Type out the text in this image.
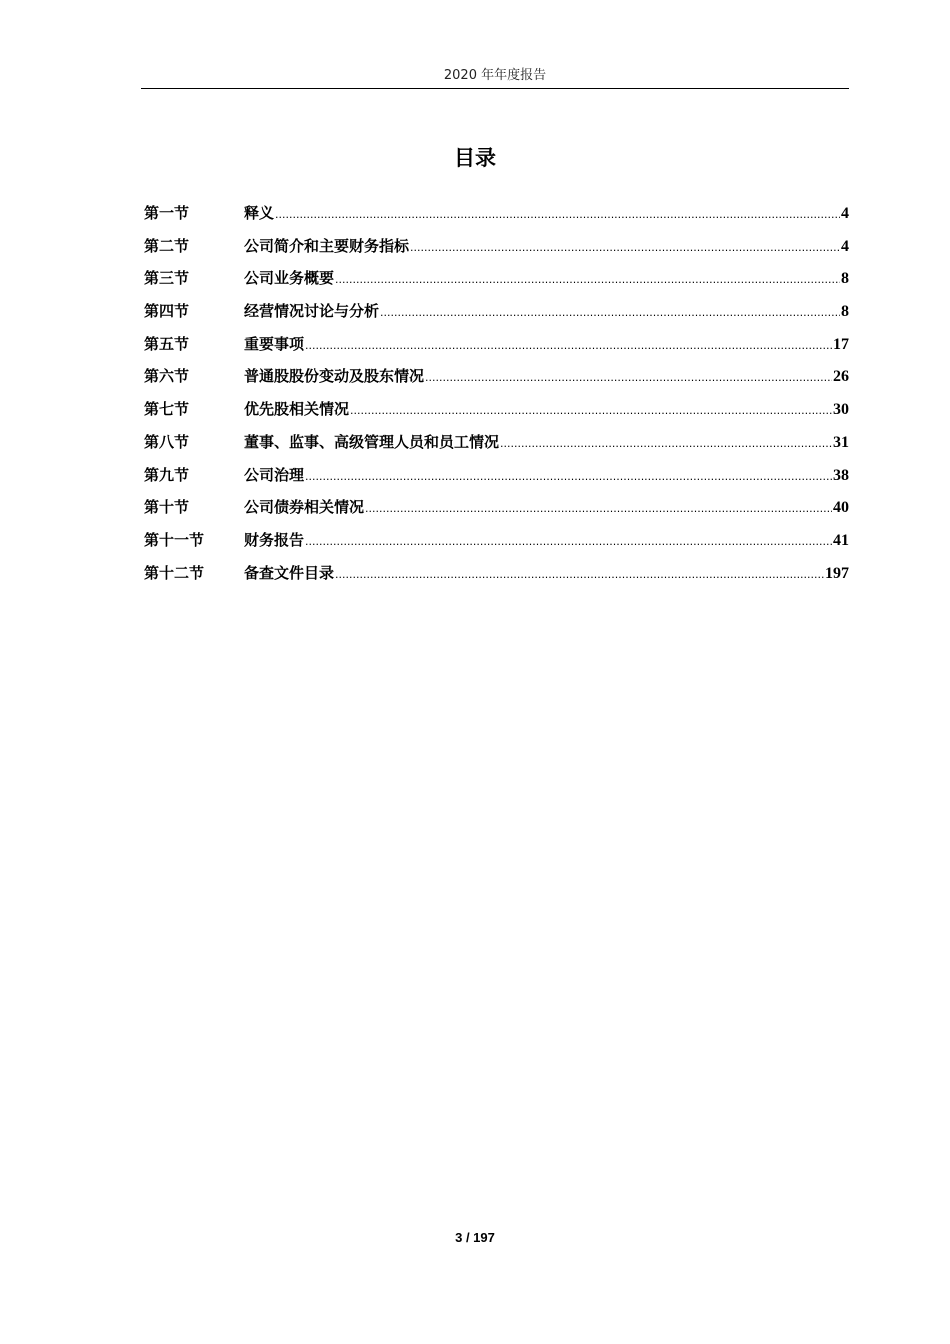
2020 年年度报告
目录
第一节	释义 .....	4
第二节	公司简介和主要财务指标 .....	4
第三节	公司业务概要 .....	8
第四节	经营情况讨论与分析 .....	8
第五节	重要事项 .....	17
第六节	普通股股份变动及股东情况 .....	26
第七节	优先股相关情况 .....	30
第八节	董事、监事、高级管理人员和员工情况 .....	31
第九节	公司治理 .....	38
第十节	公司债券相关情况 .....	40
第十一节	财务报告 .....	41
第十二节	备查文件目录 .....	197
3 / 197
